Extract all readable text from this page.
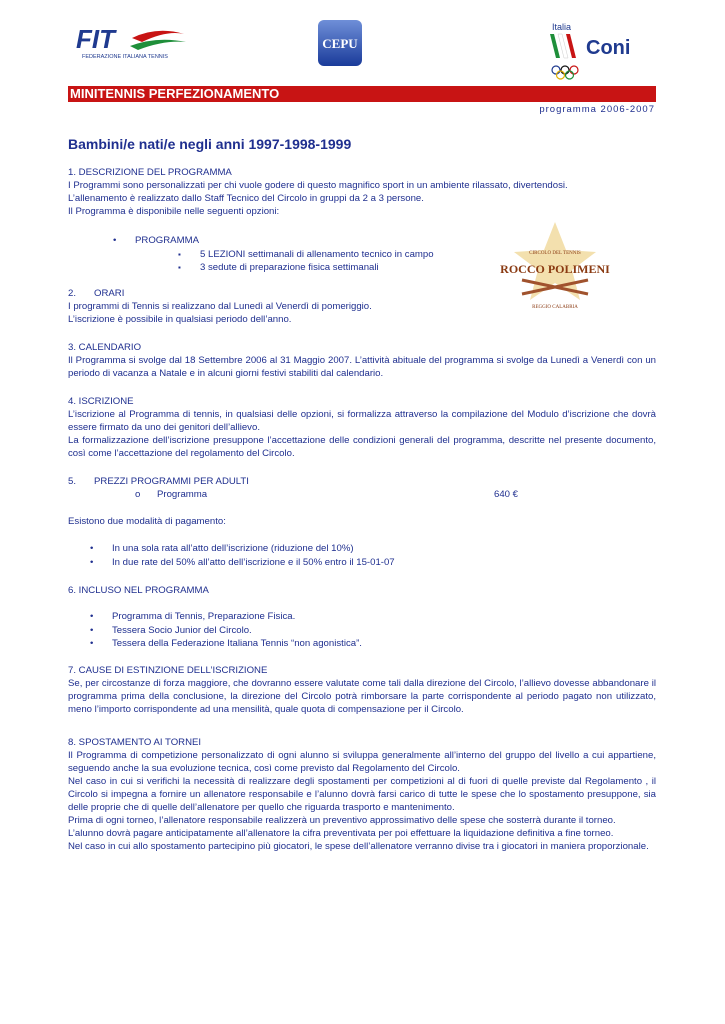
FIT
FEDERAZIONE ITALIANA TENNIS
CEPU
Italia
Coni
MINITENNIS PERFEZIONAMENTO
programma 2006-2007
Bambini/e nati/e negli anni 1997-1998-1999

1. DESCRIZIONE DEL PROGRAMMA

I Programmi sono personalizzati per chi vuole godere di questo magnifico sport in un ambiente rilassato, divertendosi.

L’allenamento è realizzato dallo Staff Tecnico del Circolo in gruppi da 2 a 3 persone.

Il Programma è disponibile nelle seguenti opzioni:

• PROGRAMMA
▪ 5 LEZIONI settimanali di allenamento tecnico in campo
▪ 3 sedute di preparazione fisica settimanali
CIRCOLO DEL TENNIS
ROCCO POLIMENI
REGGIO CALABRIA

2. ORARI

I programmi di Tennis si realizzano dal Lunedì al Venerdì di pomeriggio.

L’iscrizione è possibile in qualsiasi periodo dell’anno.

3. CALENDARIO

Il Programma si svolge dal 18 Settembre 2006 al 31 Maggio 2007. L’attività abituale del programma si svolge da Lunedì a Venerdì con un periodo di vacanza a Natale e in alcuni giorni festivi stabiliti dal calendario.

4. ISCRIZIONE

L’iscrizione al Programma di tennis, in qualsiasi delle opzioni, si formalizza attraverso la compilazione del Modulo d’iscrizione che dovrà essere firmato da uno dei genitori dell’allievo.

La formalizzazione dell’iscrizione presuppone l’accettazione delle condizioni generali del programma, descritte nel presente documento, così come l’accettazione del regolamento del Circolo.

5. PREZZI PROGRAMMI PER ADULTI

o Programma	640 €
Esistono due modalità di pagamento:
• In una sola rata all’atto dell’iscrizione (riduzione del 10%)
• In due rate del 50% all’atto dell’iscrizione e il 50% entro il 15-01-07

6. INCLUSO NEL PROGRAMMA

• Programma di Tennis, Preparazione Fisica.
• Tessera Socio Junior del Circolo.
• Tessera della Federazione Italiana Tennis “non agonistica”.

7. CAUSE DI ESTINZIONE DELL’ISCRIZIONE

Se, per circostanze di forza maggiore, che dovranno essere valutate come tali dalla direzione del Circolo, l’allievo dovesse abbandonare il programma prima della conclusione, la direzione del Circolo potrà rimborsare la parte corrispondente al periodo pagato non utilizzato, meno l’importo corrispondente ad una mensilità, quale quota di compensazione per il Circolo.

8. SPOSTAMENTO AI TORNEI

Il Programma di competizione personalizzato di ogni alunno si sviluppa generalmente all’interno del gruppo del livello a cui appartiene, seguendo anche la sua evoluzione tecnica, così come previsto dal Regolamento del Circolo.

Nel caso in cui si verifichi la necessità di realizzare degli spostamenti per competizioni al di fuori di quelle previste dal Regolamento , il Circolo si impegna a fornire un allenatore responsabile e l’alunno dovrà farsi carico di tutte le spese che lo spostamento presuppone, sia delle proprie che di quelle dell’allenatore per quello che riguarda trasporto e mantenimento.

Prima di ogni torneo, l’allenatore responsabile realizzerà un preventivo approssimativo delle spese che sosterrà durante il torneo.

L’alunno dovrà pagare anticipatamente all’allenatore la cifra preventivata per poi effettuare la liquidazione definitiva a fine torneo.

Nel caso in cui allo spostamento partecipino più giocatori, le spese dell’allenatore verranno divise tra i giocatori in maniera proporzionale.
